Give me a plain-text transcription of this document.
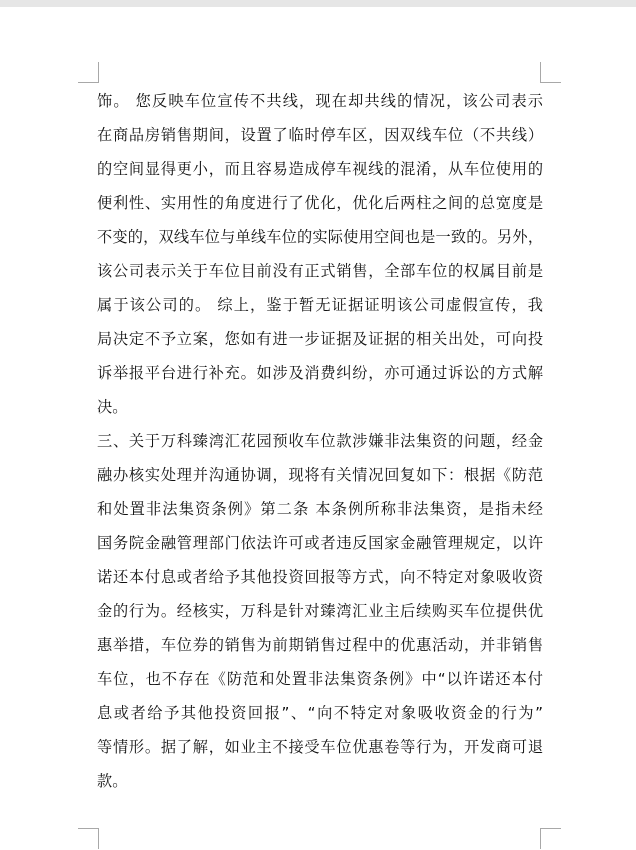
饰。 您反映车位宣传不共线，现在却共线的情况，该公司表示
在商品房销售期间，设置了临时停车区，因双线车位（不共线）
的空间显得更小，而且容易造成停车视线的混淆，从车位使用的
便利性、实用性的角度进行了优化，优化后两柱之间的总宽度是
不变的，双线车位与单线车位的实际使用空间也是一致的。另外，
该公司表示关于车位目前没有正式销售，全部车位的权属目前是
属于该公司的。 综上，鉴于暂无证据证明该公司虚假宣传，我
局决定不予立案，您如有进一步证据及证据的相关出处，可向投
诉举报平台进行补充。如涉及消费纠纷，亦可通过诉讼的方式解
决。
三、关于万科臻湾汇花园预收车位款涉嫌非法集资的问题，经金
融办核实处理并沟通协调，现将有关情况回复如下：根据《防范
和处置非法集资条例》第二条 本条例所称非法集资，是指未经
国务院金融管理部门依法许可或者违反国家金融管理规定，以许
诺还本付息或者给予其他投资回报等方式，向不特定对象吸收资
金的行为。经核实，万科是针对臻湾汇业主后续购买车位提供优
惠举措，车位券的销售为前期销售过程中的优惠活动，并非销售
车位，也不存在《防范和处置非法集资条例》中“以许诺还本付
息或者给予其他投资回报”、“向不特定对象吸收资金的行为”
等情形。据了解，如业主不接受车位优惠卷等行为，开发商可退
款。
